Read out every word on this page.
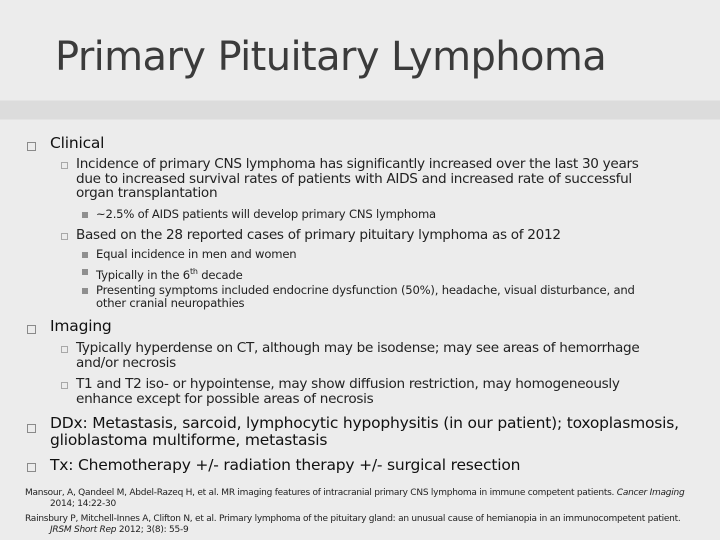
Primary Pituitary Lymphoma
Clinical
Incidence of primary CNS lymphoma has significantly increased over the last 30 years
due to increased survival rates of patients with AIDS and increased rate of successful
organ transplantation
~2.5% of AIDS patients will develop primary CNS lymphoma
Based on the 28 reported cases of primary pituitary lymphoma as of 2012
Equal incidence in men and women
Typically in the 6th decade
Presenting symptoms included endocrine dysfunction (50%), headache, visual disturbance, and
other cranial neuropathies
Imaging
Typically hyperdense on CT, although may be isodense; may see areas of hemorrhage
and/or necrosis
T1 and T2 iso- or hypointense, may show diffusion restriction, may homogeneously
enhance except for possible areas of necrosis
DDx: Metastasis, sarcoid, lymphocytic hypophysitis (in our patient); toxoplasmosis,
glioblastoma multiforme, metastasis
Tx: Chemotherapy +/- radiation therapy +/- surgical resection
Mansour, A, Qandeel M, Abdel-Razeq H, et al. MR imaging features of intracranial primary CNS lymphoma in immune competent patients. Cancer Imaging
2014; 14:22-30
Rainsbury P, Mitchell-Innes A, Clifton N, et al. Primary lymphoma of the pituitary gland: an unusual cause of hemianopia in an immunocompetent patient.
JRSM Short Rep 2012; 3(8): 55-9
